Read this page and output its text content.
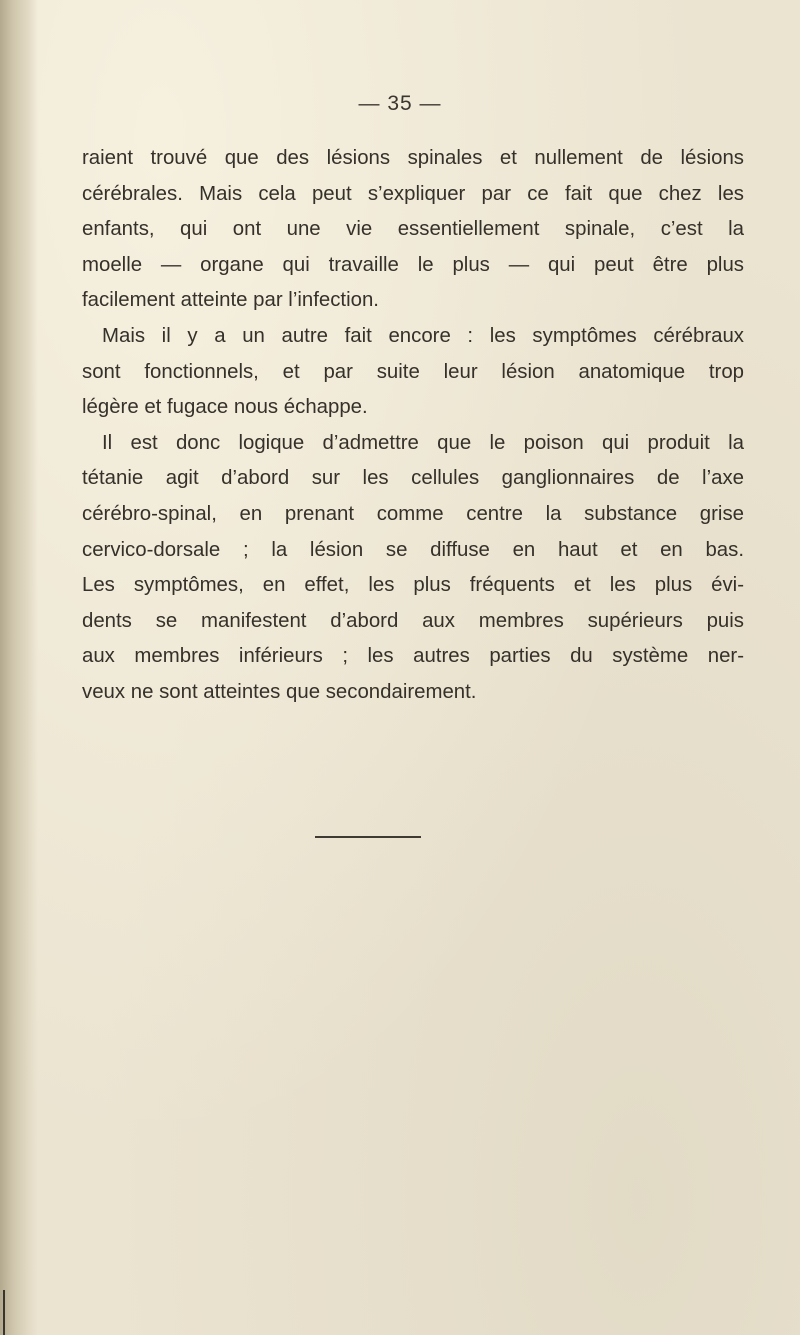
— 35 —
raient trouvé que des lésions spinales et nullement de lésions
cérébrales. Mais cela peut s’expliquer par ce fait que chez les
enfants, qui ont une vie essentiellement spinale, c’est la
moelle — organe qui travaille le plus — qui peut être plus
facilement atteinte par l’infection.
Mais il y a un autre fait encore : les symptômes cérébraux
sont fonctionnels, et par suite leur lésion anatomique trop
légère et fugace nous échappe.
Il est donc logique d’admettre que le poison qui produit la
tétanie agit d’abord sur les cellules ganglionnaires de l’axe
cérébro-spinal, en prenant comme centre la substance grise
cervico-dorsale ; la lésion se diffuse en haut et en bas.
Les symptômes, en effet, les plus fréquents et les plus évi-
dents se manifestent d’abord aux membres supérieurs puis
aux membres inférieurs ; les autres parties du système ner-
veux ne sont atteintes que secondairement.
